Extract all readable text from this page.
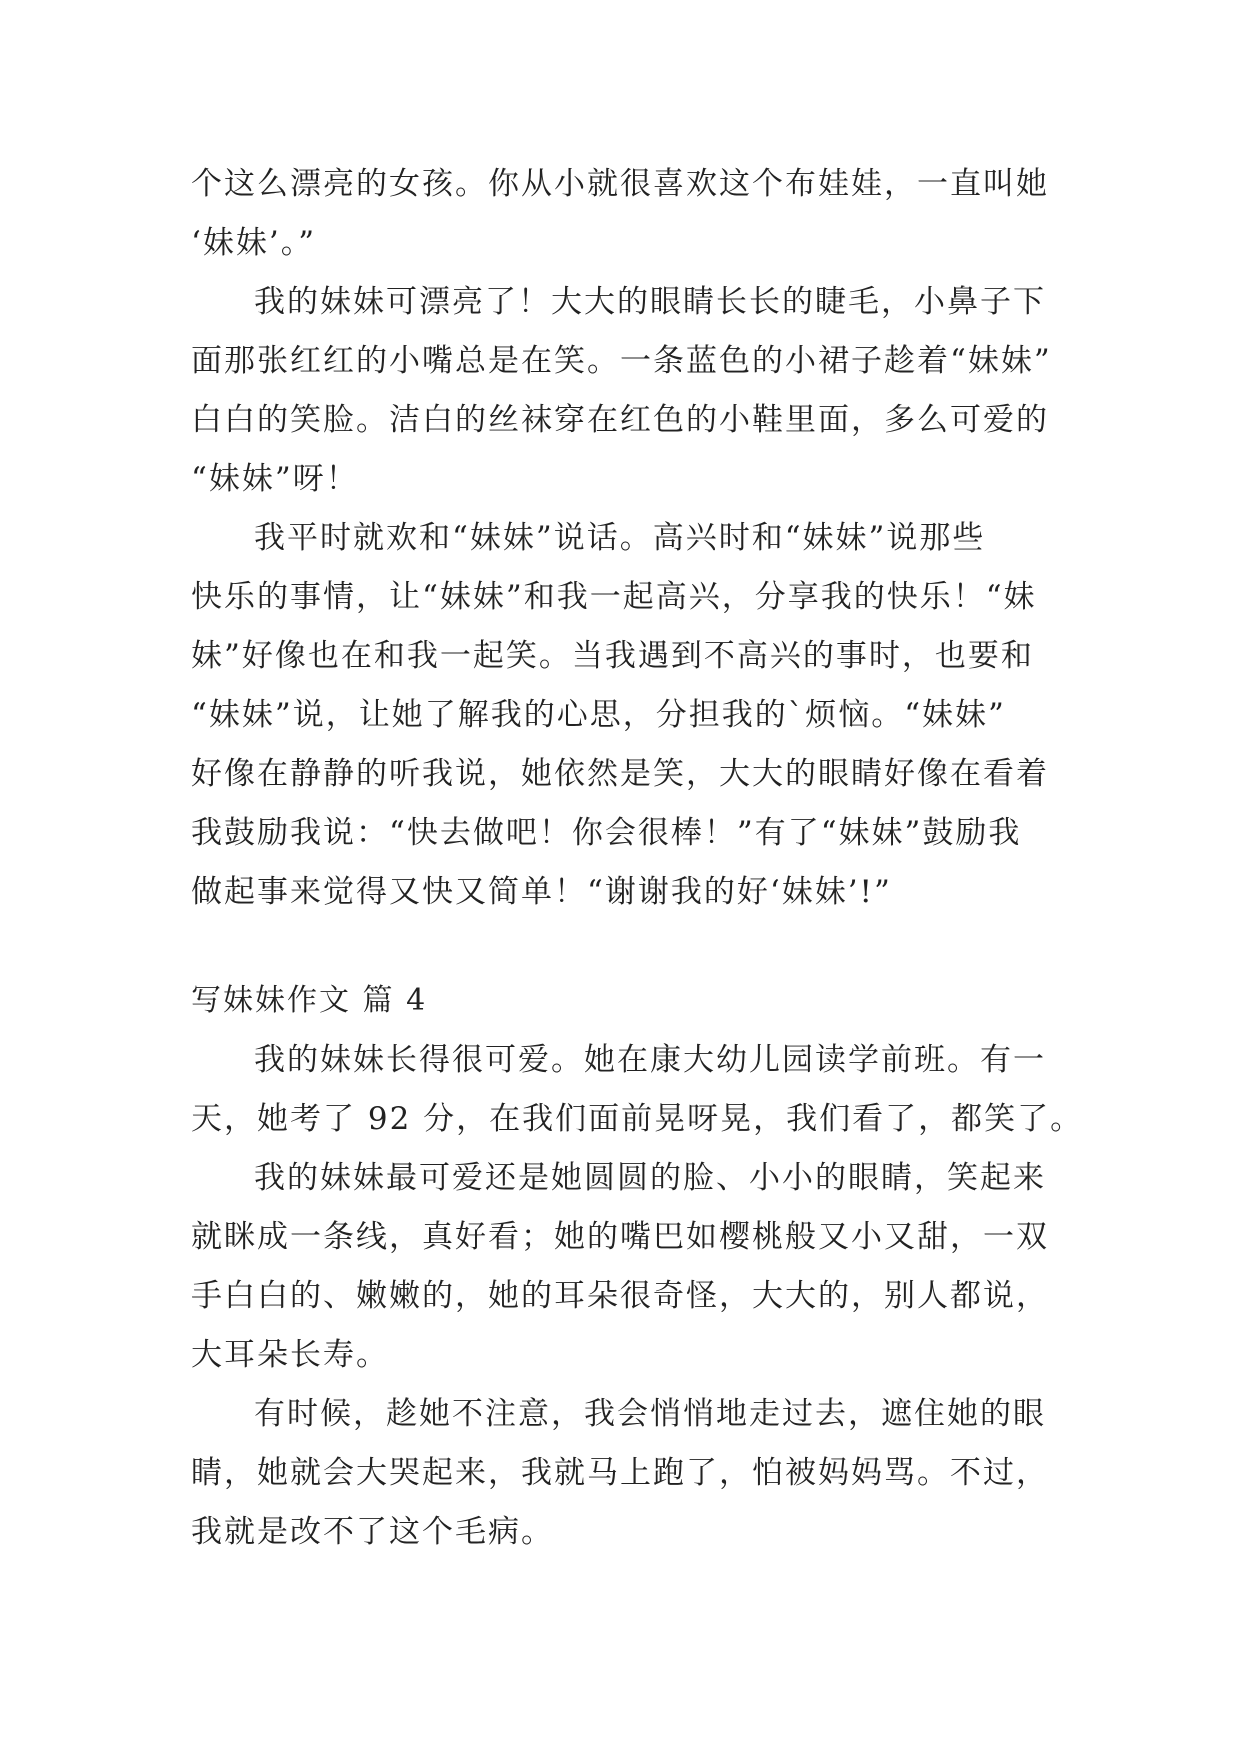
个这么漂亮的女孩。你从小就很喜欢这个布娃娃，一直叫她
‘妹妹’。”
我的妹妹可漂亮了！大大的眼睛长长的睫毛，小鼻子下
面那张红红的小嘴总是在笑。一条蓝色的小裙子趁着“妹妹”
白白的笑脸。洁白的丝袜穿在红色的小鞋里面，多么可爱的
“妹妹”呀！
我平时就欢和“妹妹”说话。高兴时和“妹妹”说那些
快乐的事情，让“妹妹”和我一起高兴，分享我的快乐！“妹
妹”好像也在和我一起笑。当我遇到不高兴的事时，也要和
“妹妹”说，让她了解我的心思，分担我的`烦恼。“妹妹”
好像在静静的听我说，她依然是笑，大大的眼睛好像在看着
我鼓励我说：“快去做吧！你会很棒！”有了“妹妹”鼓励我
做起事来觉得又快又简单！“谢谢我的好‘妹妹’!”
写妹妹作文 篇 4
我的妹妹长得很可爱。她在康大幼儿园读学前班。有一
天，她考了 92 分，在我们面前晃呀晃，我们看了，都笑了。
我的妹妹最可爱还是她圆圆的脸、小小的眼睛，笑起来
就眯成一条线，真好看；她的嘴巴如樱桃般又小又甜，一双
手白白的、嫩嫩的，她的耳朵很奇怪，大大的，别人都说，
大耳朵长寿。
有时候，趁她不注意，我会悄悄地走过去，遮住她的眼
睛，她就会大哭起来，我就马上跑了，怕被妈妈骂。不过，
我就是改不了这个毛病。
